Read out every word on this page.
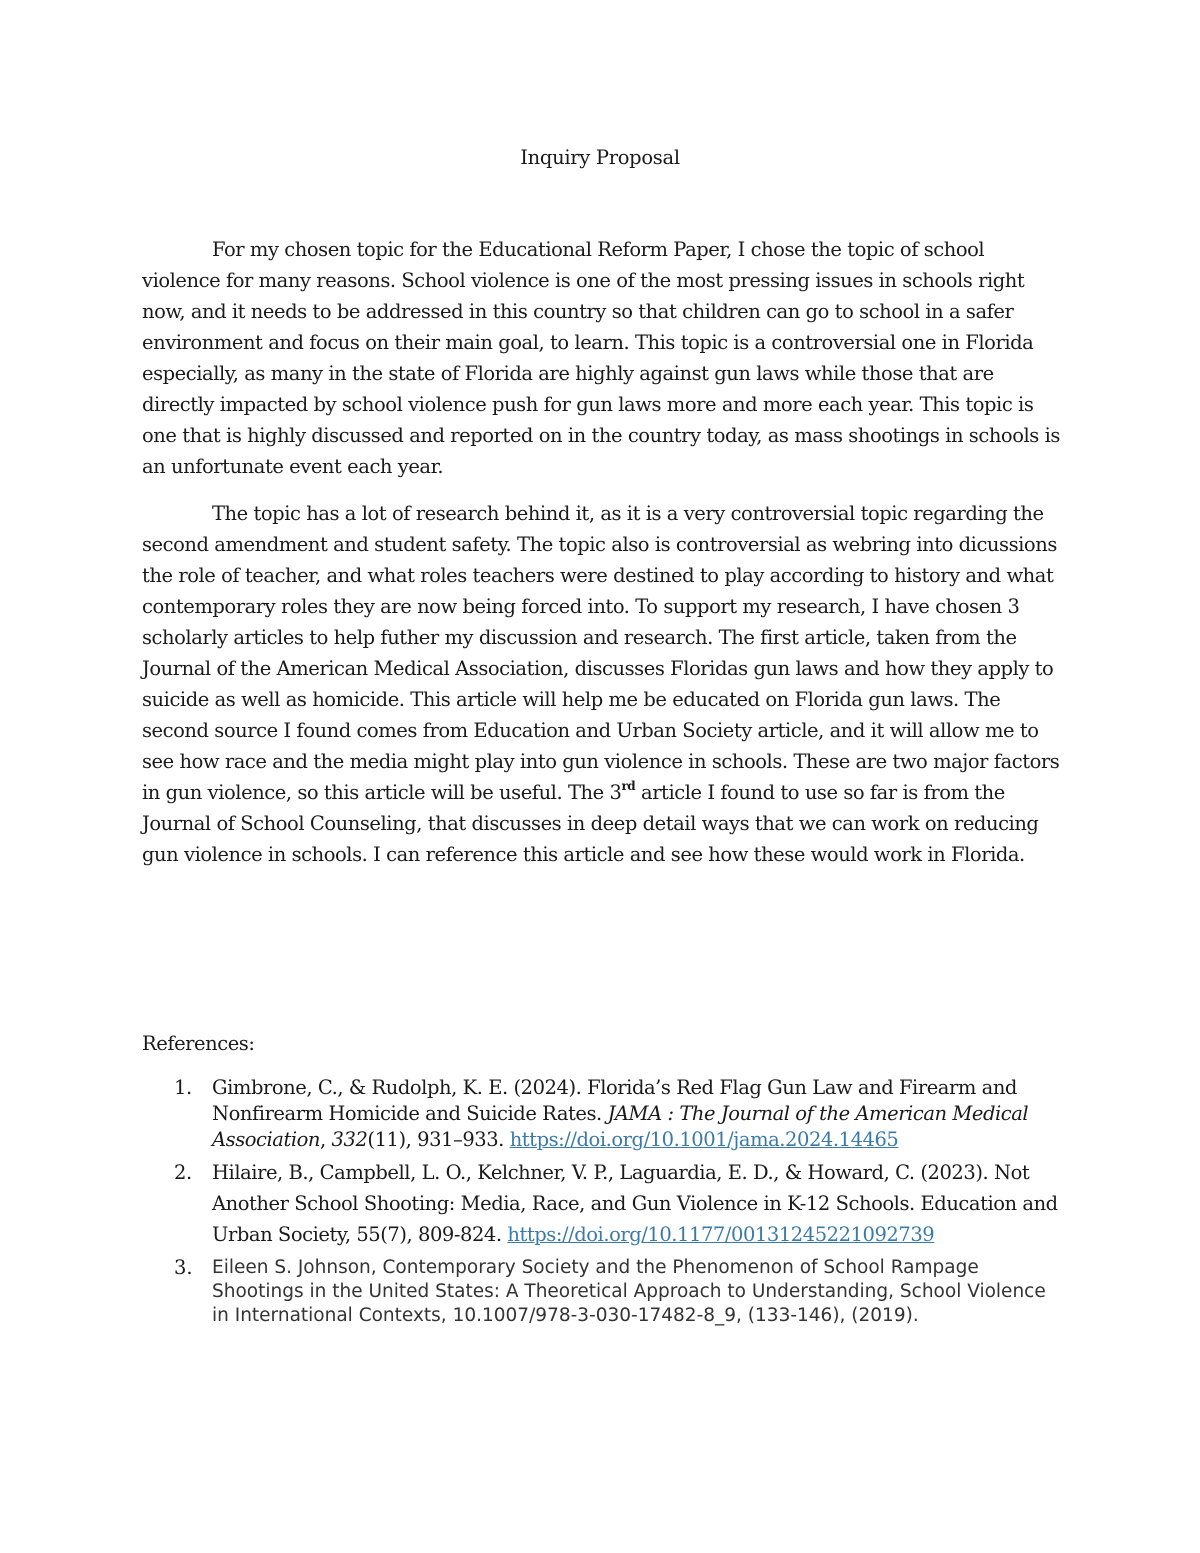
Inquiry Proposal

For my chosen topic for the Educational Reform Paper, I chose the topic of school violence for many reasons. School violence is one of the most pressing issues in schools right now, and it needs to be addressed in this country so that children can go to school in a safer environment and focus on their main goal, to learn. This topic is a controversial one in Florida especially, as many in the state of Florida are highly against gun laws while those that are directly impacted by school violence push for gun laws more and more each year. This topic is one that is highly discussed and reported on in the country today, as mass shootings in schools is an unfortunate event each year.

The topic has a lot of research behind it, as it is a very controversial topic regarding the second amendment and student safety. The topic also is controversial as webring into dicussions the role of teacher, and what roles teachers were destined to play according to history and what contemporary roles they are now being forced into. To support my research, I have chosen 3 scholarly articles to help futher my discussion and research. The first article, taken from the Journal of the American Medical Association, discusses Floridas gun laws and how they apply to suicide as well as homicide. This article will help me be educated on Florida gun laws. The second source I found comes from Education and Urban Society article, and it will allow me to see how race and the media might play into gun violence in schools. These are two major factors in gun violence, so this article will be useful. The 3rd article I found to use so far is from the Journal of School Counseling, that discusses in deep detail ways that we can work on reducing gun violence in schools. I can reference this article and see how these would work in Florida.

References:
1. Gimbrone, C., & Rudolph, K. E. (2024). Florida’s Red Flag Gun Law and Firearm and Nonfirearm Homicide and Suicide Rates. JAMA : The Journal of the American Medical Association, 332(11), 931–933. https://doi.org/10.1001/jama.2024.14465
2. Hilaire, B., Campbell, L. O., Kelchner, V. P., Laguardia, E. D., & Howard, C. (2023). Not Another School Shooting: Media, Race, and Gun Violence in K-12 Schools. Education and Urban Society, 55(7), 809-824. https://doi.org/10.1177/00131245221092739
3. Eileen S. Johnson, Contemporary Society and the Phenomenon of School Rampage Shootings in the United States: A Theoretical Approach to Understanding, School Violence in International Contexts, 10.1007/978-3-030-17482-8_9, (133-146), (2019).
